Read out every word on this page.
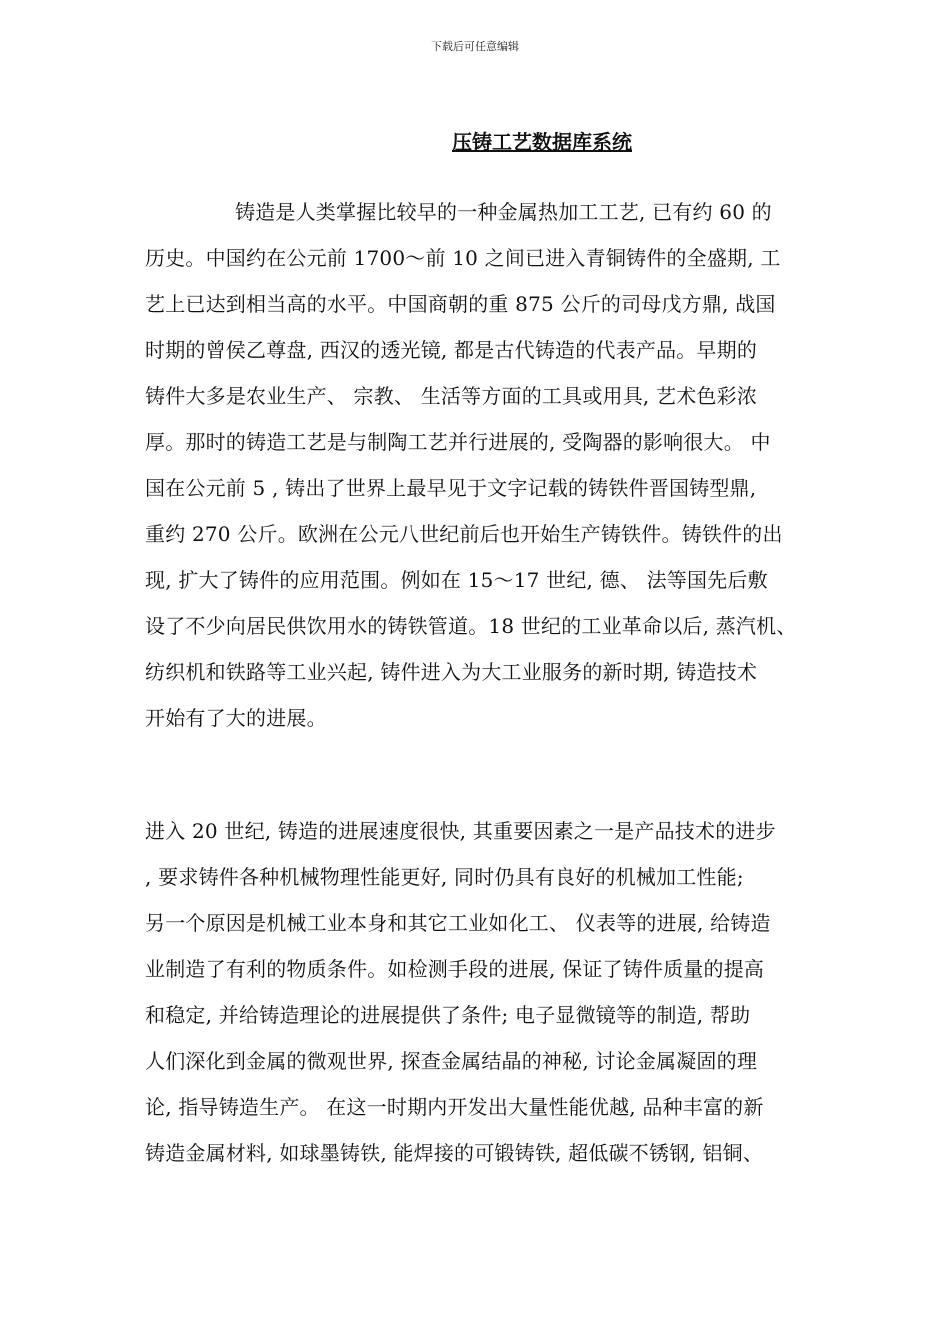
下载后可任意编辑
压铸工艺数据库系统
铸造是人类掌握比较早的一种金属热加工工艺, 已有约 60 的
历史。中国约在公元前 1700～前 10 之间已进入青铜铸件的全盛期, 工
艺上已达到相当高的水平。中国商朝的重 875 公斤的司母戊方鼎, 战国
时期的曾侯乙尊盘, 西汉的透光镜, 都是古代铸造的代表产品。早期的
铸件大多是农业生产、 宗教、 生活等方面的工具或用具, 艺术色彩浓
厚。那时的铸造工艺是与制陶工艺并行进展的, 受陶器的影响很大。 中
国在公元前 5 , 铸出了世界上最早见于文字记载的铸铁件晋国铸型鼎,
重约 270 公斤。欧洲在公元八世纪前后也开始生产铸铁件。铸铁件的出
现, 扩大了铸件的应用范围。例如在 15～17 世纪, 德、 法等国先后敷
设了不少向居民供饮用水的铸铁管道。18 世纪的工业革命以后, 蒸汽机、
纺织机和铁路等工业兴起, 铸件进入为大工业服务的新时期, 铸造技术
开始有了大的进展。
进入 20 世纪, 铸造的进展速度很快, 其重要因素之一是产品技术的进步
, 要求铸件各种机械物理性能更好, 同时仍具有良好的机械加工性能;
另一个原因是机械工业本身和其它工业如化工、 仪表等的进展, 给铸造
业制造了有利的物质条件。如检测手段的进展, 保证了铸件质量的提高
和稳定, 并给铸造理论的进展提供了条件; 电子显微镜等的制造, 帮助
人们深化到金属的微观世界, 探查金属结晶的神秘, 讨论金属凝固的理
论, 指导铸造生产。 在这一时期内开发出大量性能优越, 品种丰富的新
铸造金属材料, 如球墨铸铁, 能焊接的可锻铸铁, 超低碳不锈钢, 铝铜、
